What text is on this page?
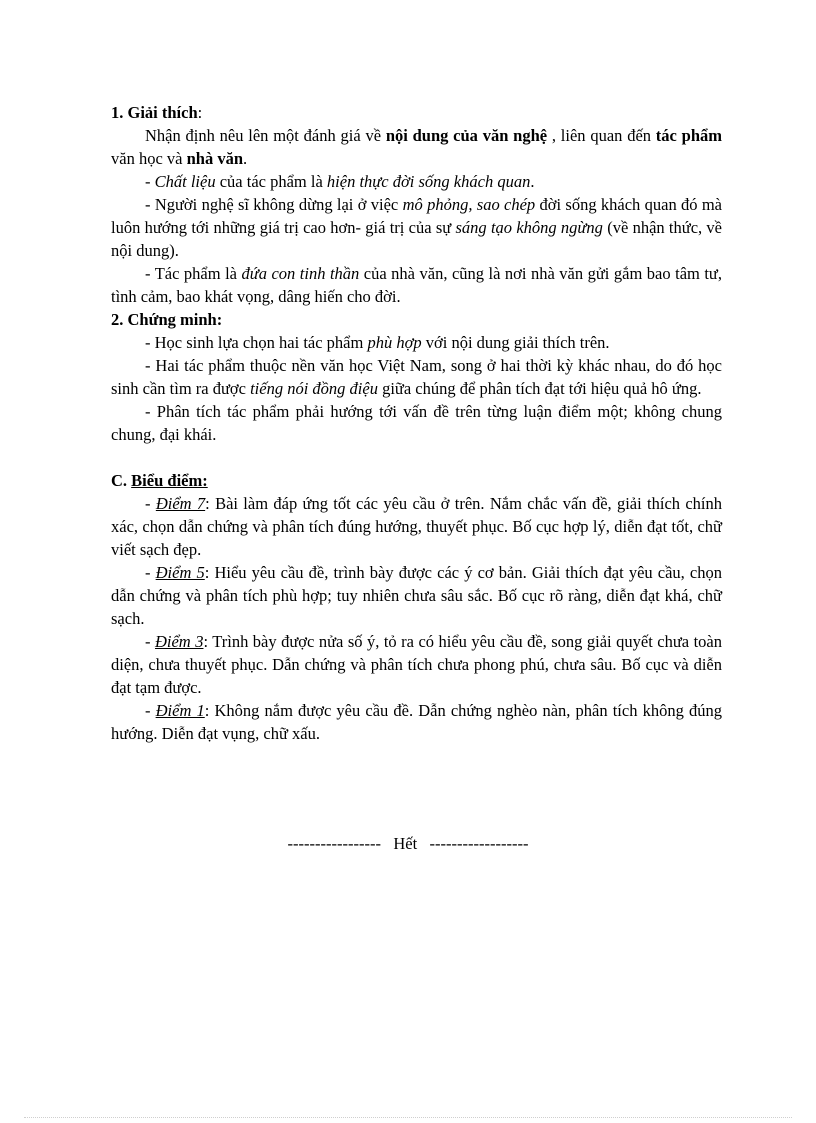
1. Giải thích:

Nhận định nêu lên một đánh giá về nội dung của văn nghệ , liên quan đến tác phẩm văn học và nhà văn.

- Chất liệu của tác phẩm là hiện thực đời sống khách quan.

- Người nghệ sĩ không dừng lại ở việc mô phỏng, sao chép đời sống khách quan đó mà luôn hướng tới những giá trị cao hơn- giá trị của sự sáng tạo không ngừng (về nhận thức, về nội dung).

- Tác phẩm là đứa con tinh thần của nhà văn, cũng là nơi nhà văn gửi gắm bao tâm tư, tình cảm, bao khát vọng, dâng hiến cho đời.

2. Chứng minh:

- Học sinh lựa chọn hai tác phẩm phù hợp với nội dung giải thích trên.

- Hai tác phẩm thuộc nền văn học Việt Nam, song ở hai thời kỳ khác nhau, do đó học sinh cần tìm ra được tiếng nói đồng điệu giữa chúng để phân tích đạt tới hiệu quả hô ứng.

- Phân tích tác phẩm phải hướng tới vấn đề trên từng luận điểm một; không chung chung, đại khái.

C. Biểu điểm:

- Điểm 7: Bài làm đáp ứng tốt các yêu cầu ở trên. Nắm chắc vấn đề, giải thích chính xác, chọn dẫn chứng và phân tích đúng hướng, thuyết phục. Bố cục hợp lý, diễn đạt tốt, chữ viết sạch đẹp.

- Điểm 5: Hiểu yêu cầu đề, trình bày được các ý cơ bản. Giải thích đạt yêu cầu, chọn dẫn chứng và phân tích phù hợp; tuy nhiên chưa sâu sắc. Bố cục rõ ràng, diễn đạt khá, chữ sạch.

- Điểm 3: Trình bày được nửa số ý, tỏ ra có hiểu yêu cầu đề, song giải quyết chưa toàn diện, chưa thuyết phục. Dẫn chứng và phân tích chưa phong phú, chưa sâu. Bố cục và diễn đạt tạm được.

- Điểm 1: Không nắm được yêu cầu đề. Dẫn chứng nghèo nàn, phân tích không đúng hướng. Diễn đạt vụng, chữ xấu.

-----------------   Hết   ------------------
